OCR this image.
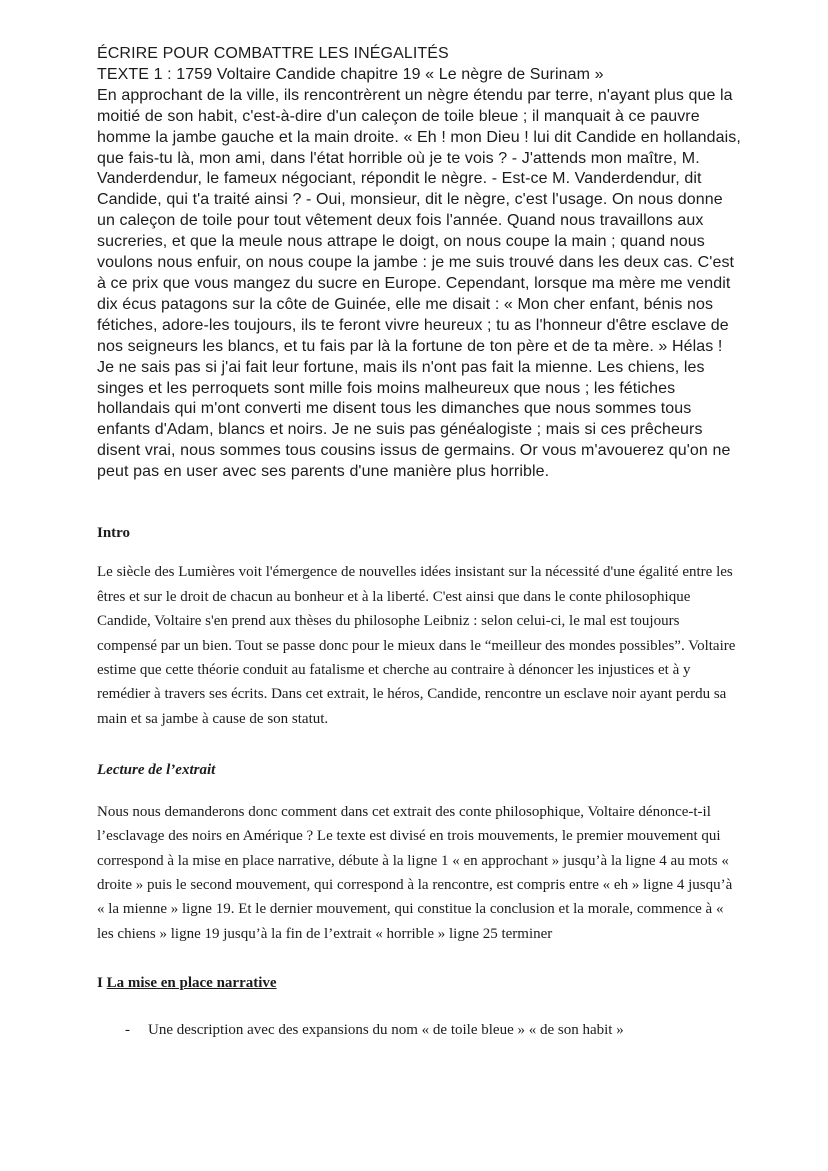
ÉCRIRE POUR COMBATTRE LES INÉGALITÉS

TEXTE 1 : 1759 Voltaire Candide chapitre 19 « Le nègre de Surinam »

En approchant de la ville, ils rencontrèrent un nègre étendu par terre, n'ayant plus que la moitié de son habit, c'est-à-dire d'un caleçon de toile bleue ; il manquait à ce pauvre homme la jambe gauche et la main droite. « Eh ! mon Dieu ! lui dit Candide en hollandais, que fais-tu là, mon ami, dans l'état horrible où je te vois ? - J'attends mon maître, M. Vanderdendur, le fameux négociant, répondit le nègre. - Est-ce M. Vanderdendur, dit Candide, qui t'a traité ainsi ? - Oui, monsieur, dit le nègre, c'est l'usage. On nous donne un caleçon de toile pour tout vêtement deux fois l'année. Quand nous travaillons aux sucreries, et que la meule nous attrape le doigt, on nous coupe la main ; quand nous voulons nous enfuir, on nous coupe la jambe : je me suis trouvé dans les deux cas. C'est à ce prix que vous mangez du sucre en Europe. Cependant, lorsque ma mère me vendit dix écus patagons sur la côte de Guinée, elle me disait : « Mon cher enfant, bénis nos fétiches, adore-les toujours, ils te feront vivre heureux ; tu as l'honneur d'être esclave de nos seigneurs les blancs, et tu fais par là la fortune de ton père et de ta mère. » Hélas ! Je ne sais pas si j'ai fait leur fortune, mais ils n'ont pas fait la mienne. Les chiens, les singes et les perroquets sont mille fois moins malheureux que nous ; les fétiches hollandais qui m'ont converti me disent tous les dimanches que nous sommes tous enfants d'Adam, blancs et noirs. Je ne suis pas généalogiste ; mais si ces prêcheurs disent vrai, nous sommes tous cousins issus de germains. Or vous m'avouerez qu'on ne peut pas en user avec ses parents d'une manière plus horrible.

Intro

Le siècle des Lumières voit l'émergence de nouvelles idées insistant sur la nécessité d'une égalité entre les êtres et sur le droit de chacun au bonheur et à la liberté. C'est ainsi que dans le conte philosophique Candide, Voltaire s'en prend aux thèses du philosophe Leibniz : selon celui-ci, le mal est toujours compensé par un bien. Tout se passe donc pour le mieux dans le “meilleur des mondes possibles”. Voltaire estime que cette théorie conduit au fatalisme et cherche au contraire à dénoncer les injustices et à y remédier à travers ses écrits. Dans cet extrait, le héros, Candide, rencontre un esclave noir ayant perdu sa main et sa jambe à cause de son statut.

Lecture de l’extrait

Nous nous demanderons donc comment dans cet extrait des conte philosophique, Voltaire dénonce-t-il l’esclavage des noirs en Amérique ? Le texte est divisé en trois mouvements, le premier mouvement qui correspond à la mise en place narrative, débute à la ligne 1 « en approchant » jusqu’à la ligne 4 au mots « droite » puis le second mouvement, qui correspond à la rencontre, est compris entre « eh » ligne 4 jusqu’à « la mienne » ligne 19. Et le dernier mouvement, qui constitue la conclusion et la morale, commence à « les chiens » ligne 19 jusqu’à la fin de l’extrait « horrible » ligne 25 terminer

I La mise en place narrative

-	Une description avec des expansions du nom « de toile bleue » « de son habit »
